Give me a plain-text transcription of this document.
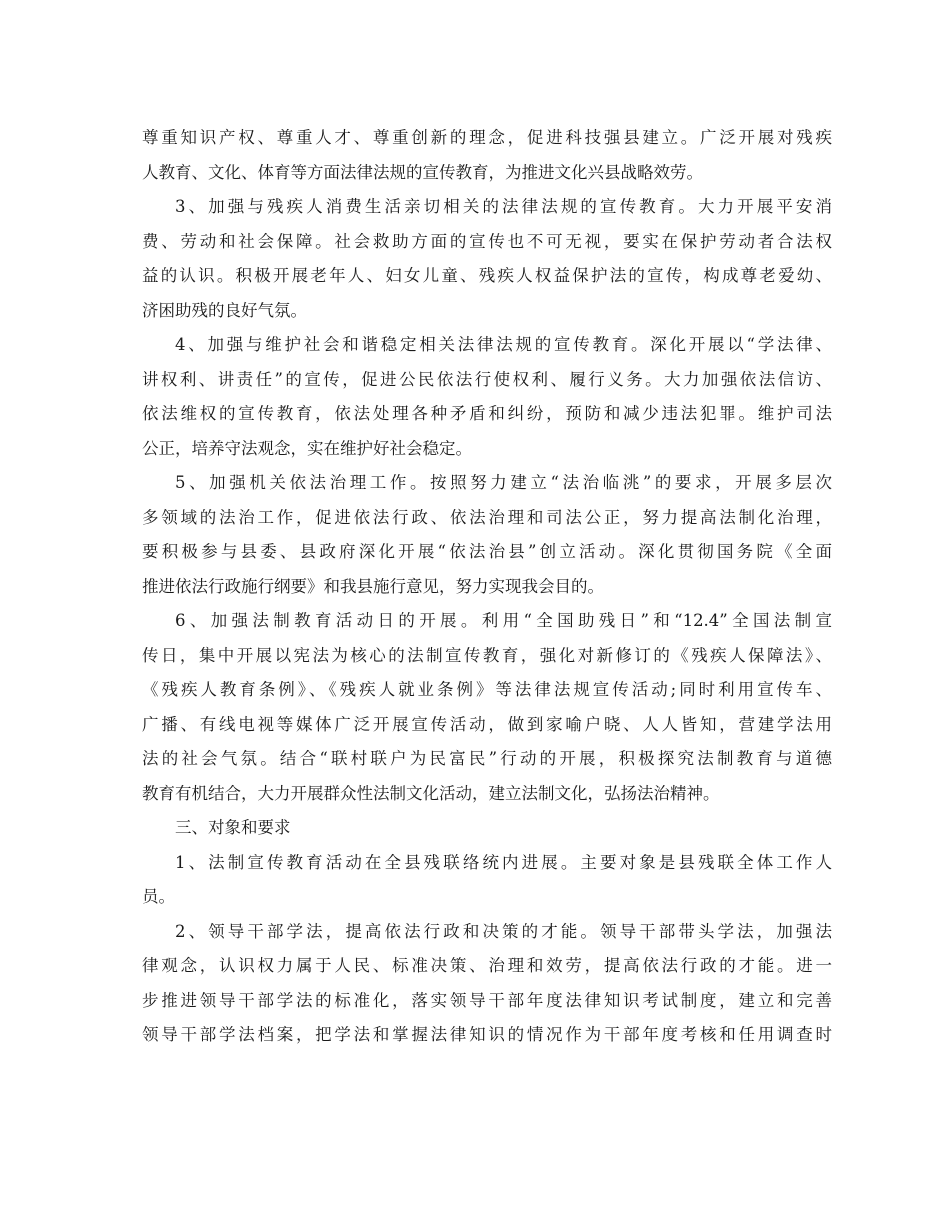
尊重知识产权、尊重人才、尊重创新的理念，促进科技强县建立。广泛开展对残疾
人教育、文化、体育等方面法律法规的宣传教育，为推进文化兴县战略效劳。
3、加强与残疾人消费生活亲切相关的法律法规的宣传教育。大力开展平安消
费、劳动和社会保障。社会救助方面的宣传也不可无视，要实在保护劳动者合法权
益的认识。积极开展老年人、妇女儿童、残疾人权益保护法的宣传，构成尊老爱幼、
济困助残的良好气氛。
4、加强与维护社会和谐稳定相关法律法规的宣传教育。深化开展以“学法律、
讲权利、讲责任”的宣传，促进公民依法行使权利、履行义务。大力加强依法信访、
依法维权的宣传教育，依法处理各种矛盾和纠纷，预防和减少违法犯罪。维护司法
公正，培养守法观念，实在维护好社会稳定。
5、加强机关依法治理工作。按照努力建立“法治临洮”的要求，开展多层次
多领域的法治工作，促进依法行政、依法治理和司法公正，努力提高法制化治理，
要积极参与县委、县政府深化开展“依法治县”创立活动。深化贯彻国务院《全面
推进依法行政施行纲要》和我县施行意见，努力实现我会目的。
6、加强法制教育活动日的开展。利用“全国助残日”和“12.4”全国法制宣
传日，集中开展以宪法为核心的法制宣传教育，强化对新修订的《残疾人保障法》、
《残疾人教育条例》、《残疾人就业条例》等法律法规宣传活动;同时利用宣传车、
广播、有线电视等媒体广泛开展宣传活动，做到家喻户晓、人人皆知，营建学法用
法的社会气氛。结合“联村联户为民富民”行动的开展，积极探究法制教育与道德
教育有机结合，大力开展群众性法制文化活动，建立法制文化，弘扬法治精神。
三、对象和要求
1、法制宣传教育活动在全县残联络统内进展。主要对象是县残联全体工作人
员。
2、领导干部学法，提高依法行政和决策的才能。领导干部带头学法，加强法
律观念，认识权力属于人民、标准决策、治理和效劳，提高依法行政的才能。进一
步推进领导干部学法的标准化，落实领导干部年度法律知识考试制度，建立和完善
领导干部学法档案，把学法和掌握法律知识的情况作为干部年度考核和任用调查时
